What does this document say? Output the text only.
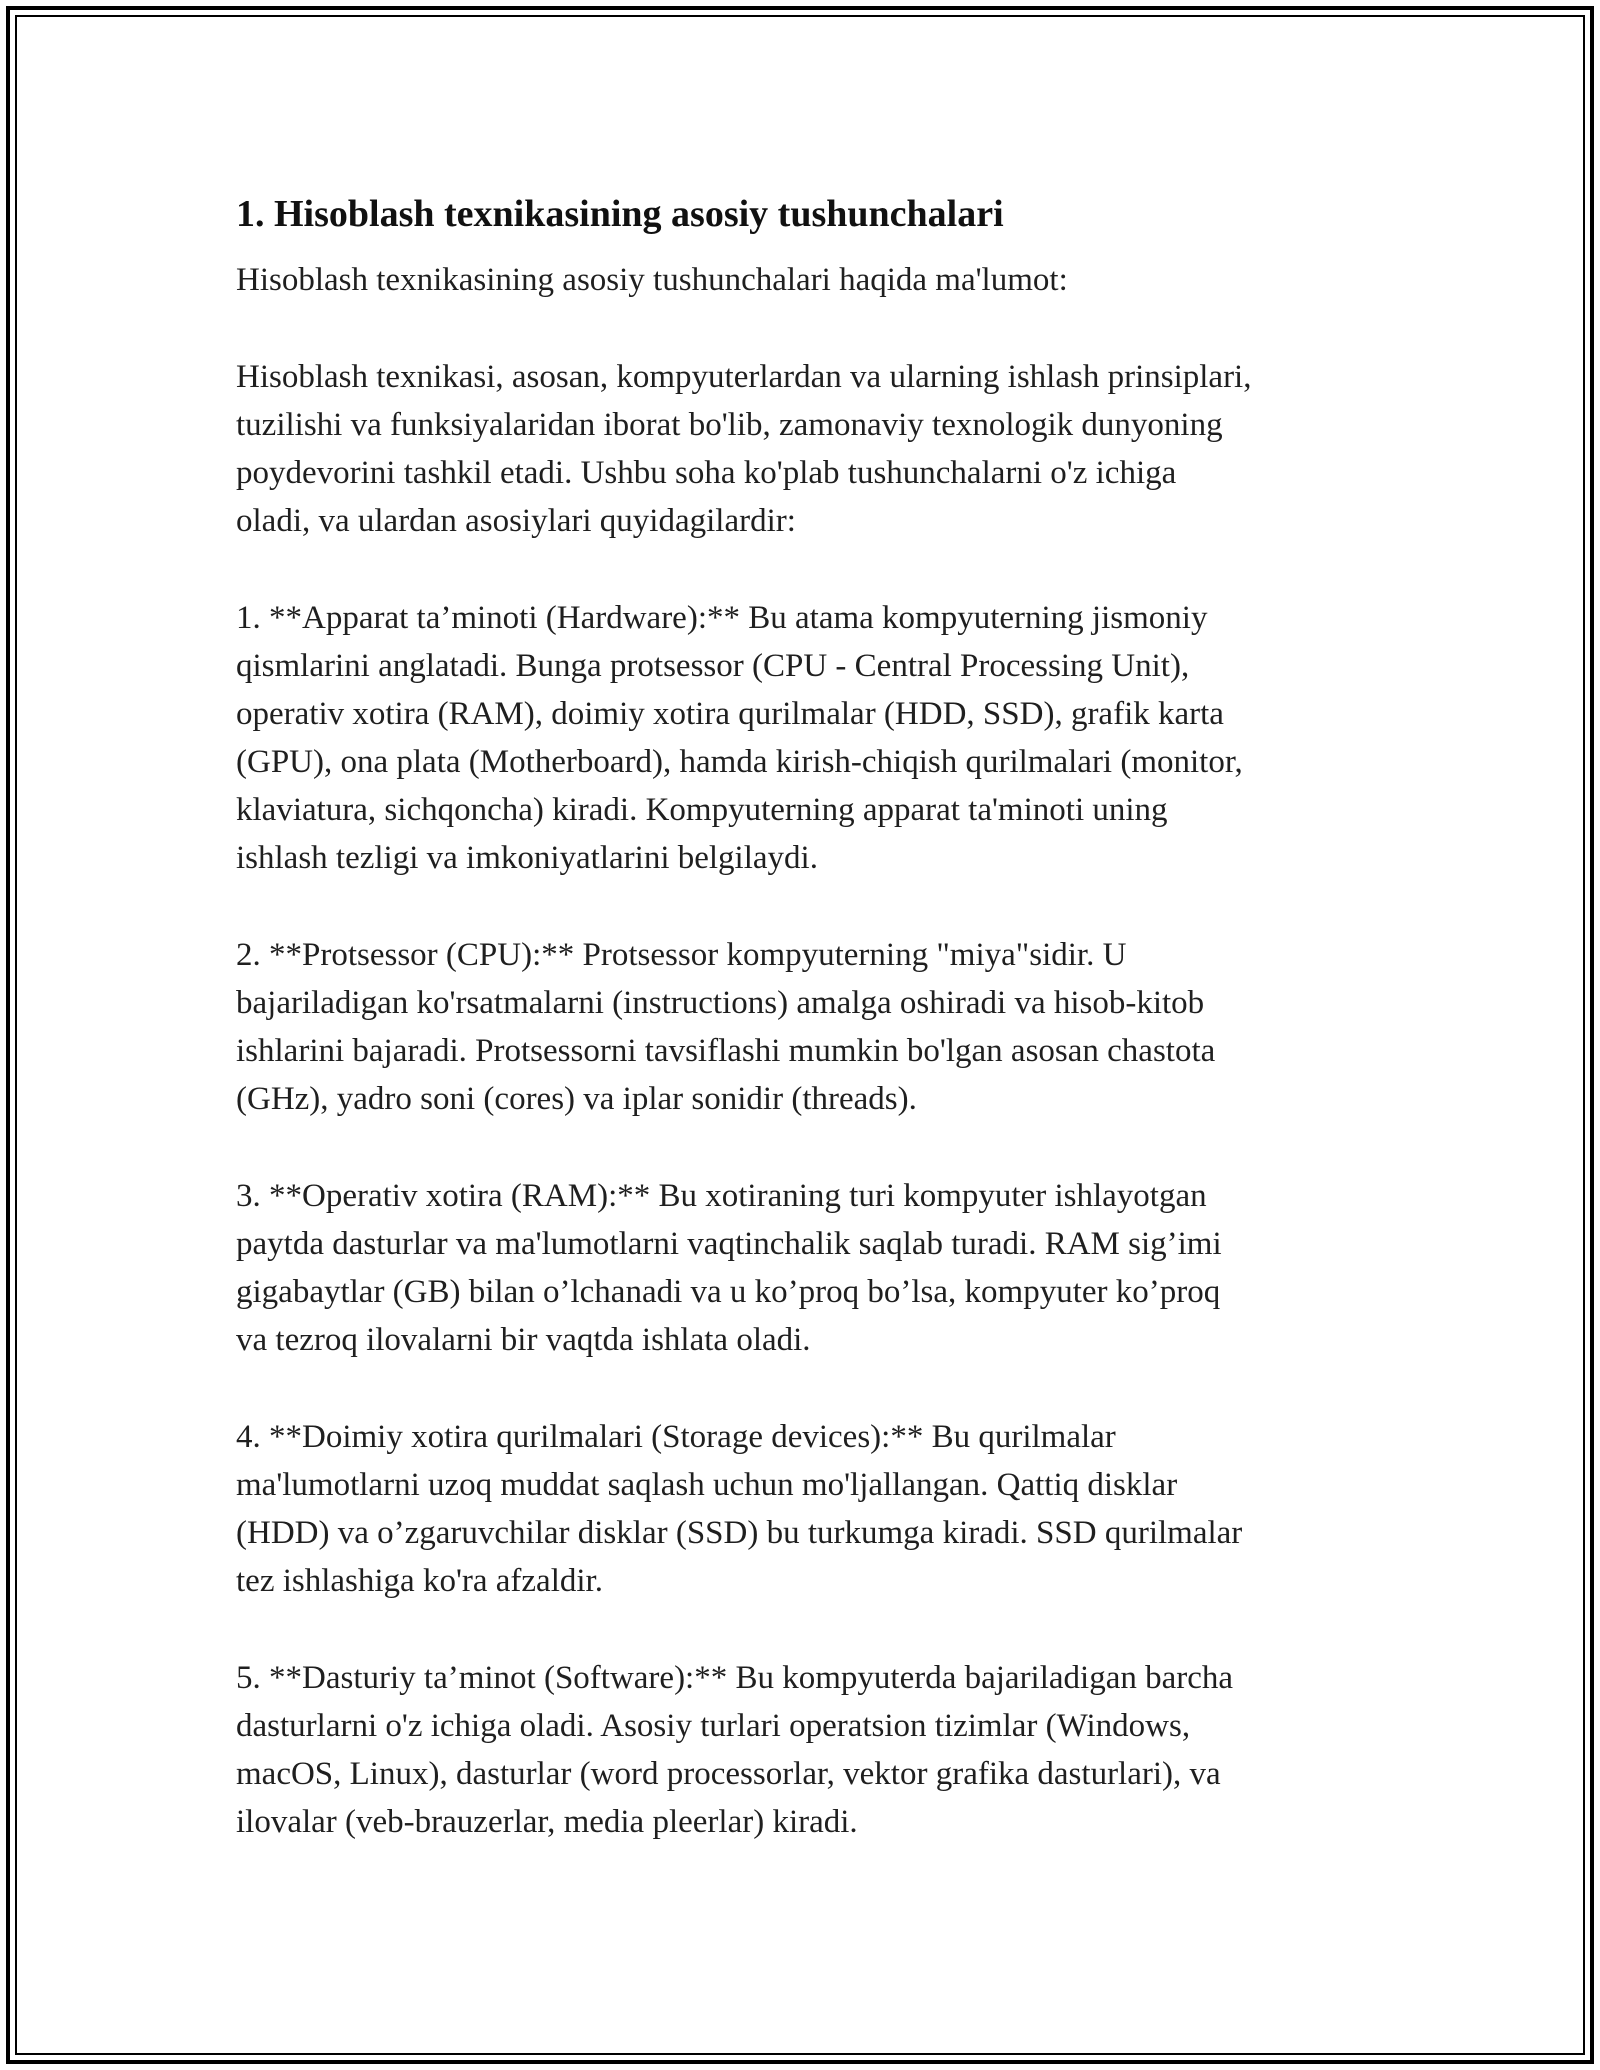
1. Hisoblash texnikasining asosiy tushunchalari

Hisoblash texnikasining asosiy tushunchalari haqida ma'lumot:

Hisoblash texnikasi, asosan, kompyuterlardan va ularning ishlash prinsiplari,
tuzilishi va funksiyalaridan iborat bo'lib, zamonaviy texnologik dunyoning
poydevorini tashkil etadi. Ushbu soha ko'plab tushunchalarni o'z ichiga
oladi, va ulardan asosiylari quyidagilardir:

1. **Apparat ta’minoti (Hardware):** Bu atama kompyuterning jismoniy
qismlarini anglatadi. Bunga protsessor (CPU - Central Processing Unit),
operativ xotira (RAM), doimiy xotira qurilmalar (HDD, SSD), grafik karta
(GPU), ona plata (Motherboard), hamda kirish-chiqish qurilmalari (monitor,
klaviatura, sichqoncha) kiradi. Kompyuterning apparat ta'minoti uning
ishlash tezligi va imkoniyatlarini belgilaydi.

2. **Protsessor (CPU):** Protsessor kompyuterning "miya"sidir. U
bajariladigan ko'rsatmalarni (instructions) amalga oshiradi va hisob-kitob
ishlarini bajaradi. Protsessorni tavsiflashi mumkin bo'lgan asosan chastota
(GHz), yadro soni (cores) va iplar sonidir (threads).

3. **Operativ xotira (RAM):** Bu xotiraning turi kompyuter ishlayotgan
paytda dasturlar va ma'lumotlarni vaqtinchalik saqlab turadi. RAM sig’imi
gigabaytlar (GB) bilan o’lchanadi va u ko’proq bo’lsa, kompyuter ko’proq
va tezroq ilovalarni bir vaqtda ishlata oladi.

4. **Doimiy xotira qurilmalari (Storage devices):** Bu qurilmalar
ma'lumotlarni uzoq muddat saqlash uchun mo'ljallangan. Qattiq disklar
(HDD) va o’zgaruvchilar disklar (SSD) bu turkumga kiradi. SSD qurilmalar
tez ishlashiga ko'ra afzaldir.

5. **Dasturiy ta’minot (Software):** Bu kompyuterda bajariladigan barcha
dasturlarni o'z ichiga oladi. Asosiy turlari operatsion tizimlar (Windows,
macOS, Linux), dasturlar (word processorlar, vektor grafika dasturlari), va
ilovalar (veb-brauzerlar, media pleerlar) kiradi.
